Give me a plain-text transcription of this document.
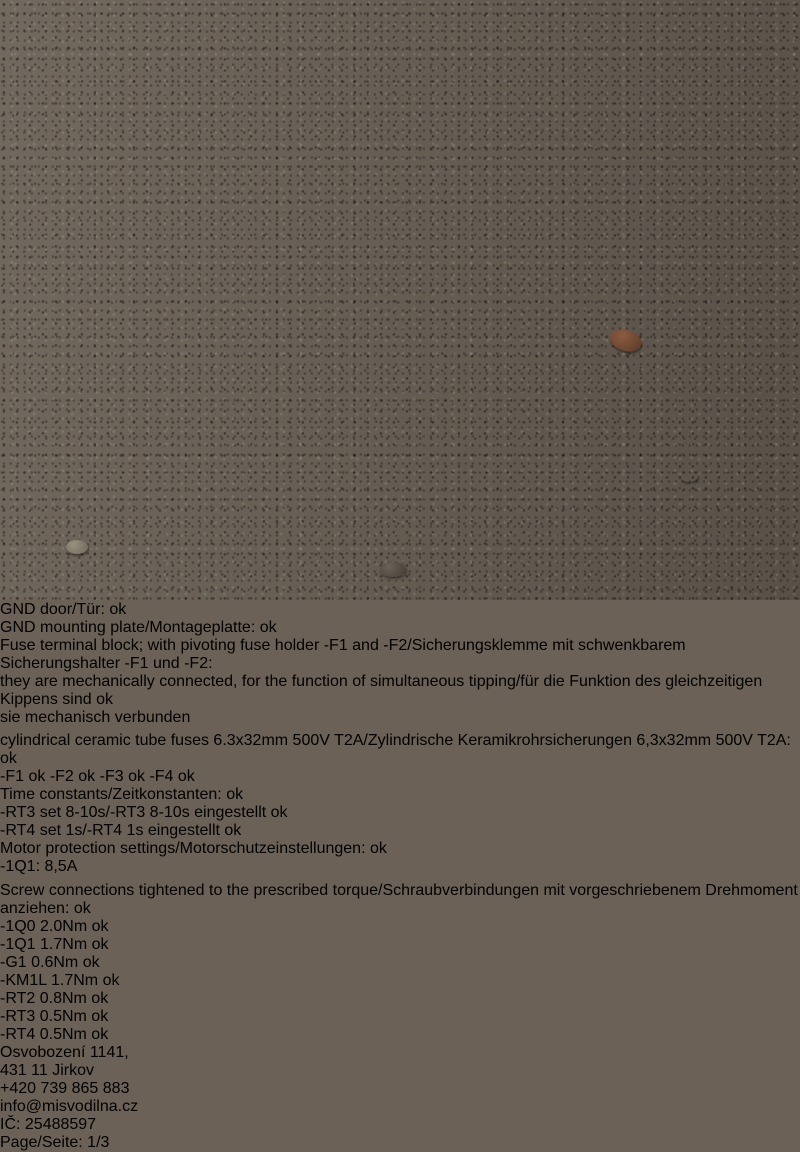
GND door/Tür: ok
GND mounting plate/Montageplatte: ok
Fuse terminal block; with pivoting fuse holder -F1 and -F2/Sicherungsklemme mit schwenkbarem Sicherungshalter -F1 und -F2:
they are mechanically connected, for the function of simultaneous tipping/für die Funktion des gleichzeitigen Kippens sind ok
sie mechanisch verbunden
cylindrical ceramic tube fuses 6.3x32mm 500V T2A/Zylindrische Keramikrohrsicherungen 6,3x32mm 500V T2A: ok
-F1 ok -F2 ok -F3 ok -F4 ok
Time constants/Zeitkonstanten: ok
-RT3 set 8-10s/-RT3 8-10s eingestellt ok
-RT4 set 1s/-RT4 1s eingestellt ok
Motor protection settings/Motorschutzeinstellungen: ok
-1Q1: 8,5A
Screw connections tightened to the prescribed torque/Schraubverbindungen mit vorgeschriebenem Drehmoment anziehen: ok
-1Q0 2.0Nm ok
-1Q1 1.7Nm ok
-G1 0.6Nm ok
-KM1L 1.7Nm ok
-RT2 0.8Nm ok
-RT3 0.5Nm ok
-RT4 0.5Nm ok
Osvobození 1141,
431 11 Jirkov
+420 739 865 883
info@misvodilna.cz
IČ: 25488597
Page/Seite: 1/3
